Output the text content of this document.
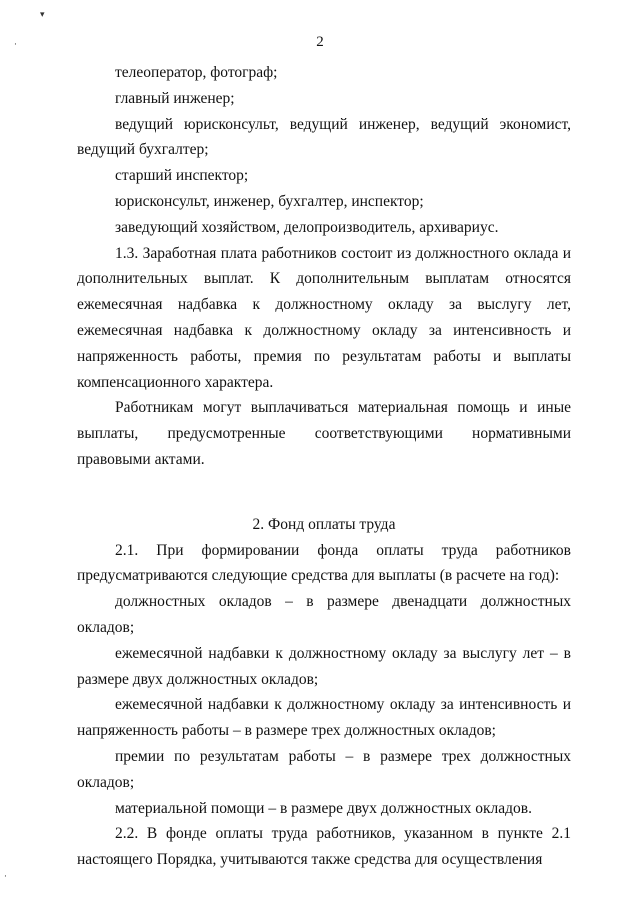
▾
·
·
2

телеоператор, фотограф;

главный инженер;

ведущий юрисконсульт, ведущий инженер, ведущий экономист, ведущий бухгалтер;

старший инспектор;

юрисконсульт, инженер, бухгалтер, инспектор;

заведующий хозяйством, делопроизводитель, архивариус.

1.3. Заработная плата работников состоит из должностного оклада и дополнительных выплат. К дополнительным выплатам относятся ежемесячная надбавка к должностному окладу за выслугу лет, ежемесячная надбавка к должностному окладу за интенсивность и напряженность работы, премия по результатам работы и выплаты компенсационного характера.

Работникам могут выплачиваться материальная помощь и иные выплаты, предусмотренные соответствующими нормативными правовыми актами.

2. Фонд оплаты труда

2.1. При формировании фонда оплаты труда работников предусматриваются следующие средства для выплаты (в расчете на год):

должностных окладов – в размере двенадцати должностных окладов;

ежемесячной надбавки к должностному окладу за выслугу лет – в размере двух должностных окладов;

ежемесячной надбавки к должностному окладу за интенсивность и напряженность работы – в размере трех должностных окладов;

премии по результатам работы – в размере трех должностных окладов;

материальной помощи – в размере двух должностных окладов.

2.2. В фонде оплаты труда работников, указанном в пункте 2.1 настоящего Порядка, учитываются также средства для осуществления
